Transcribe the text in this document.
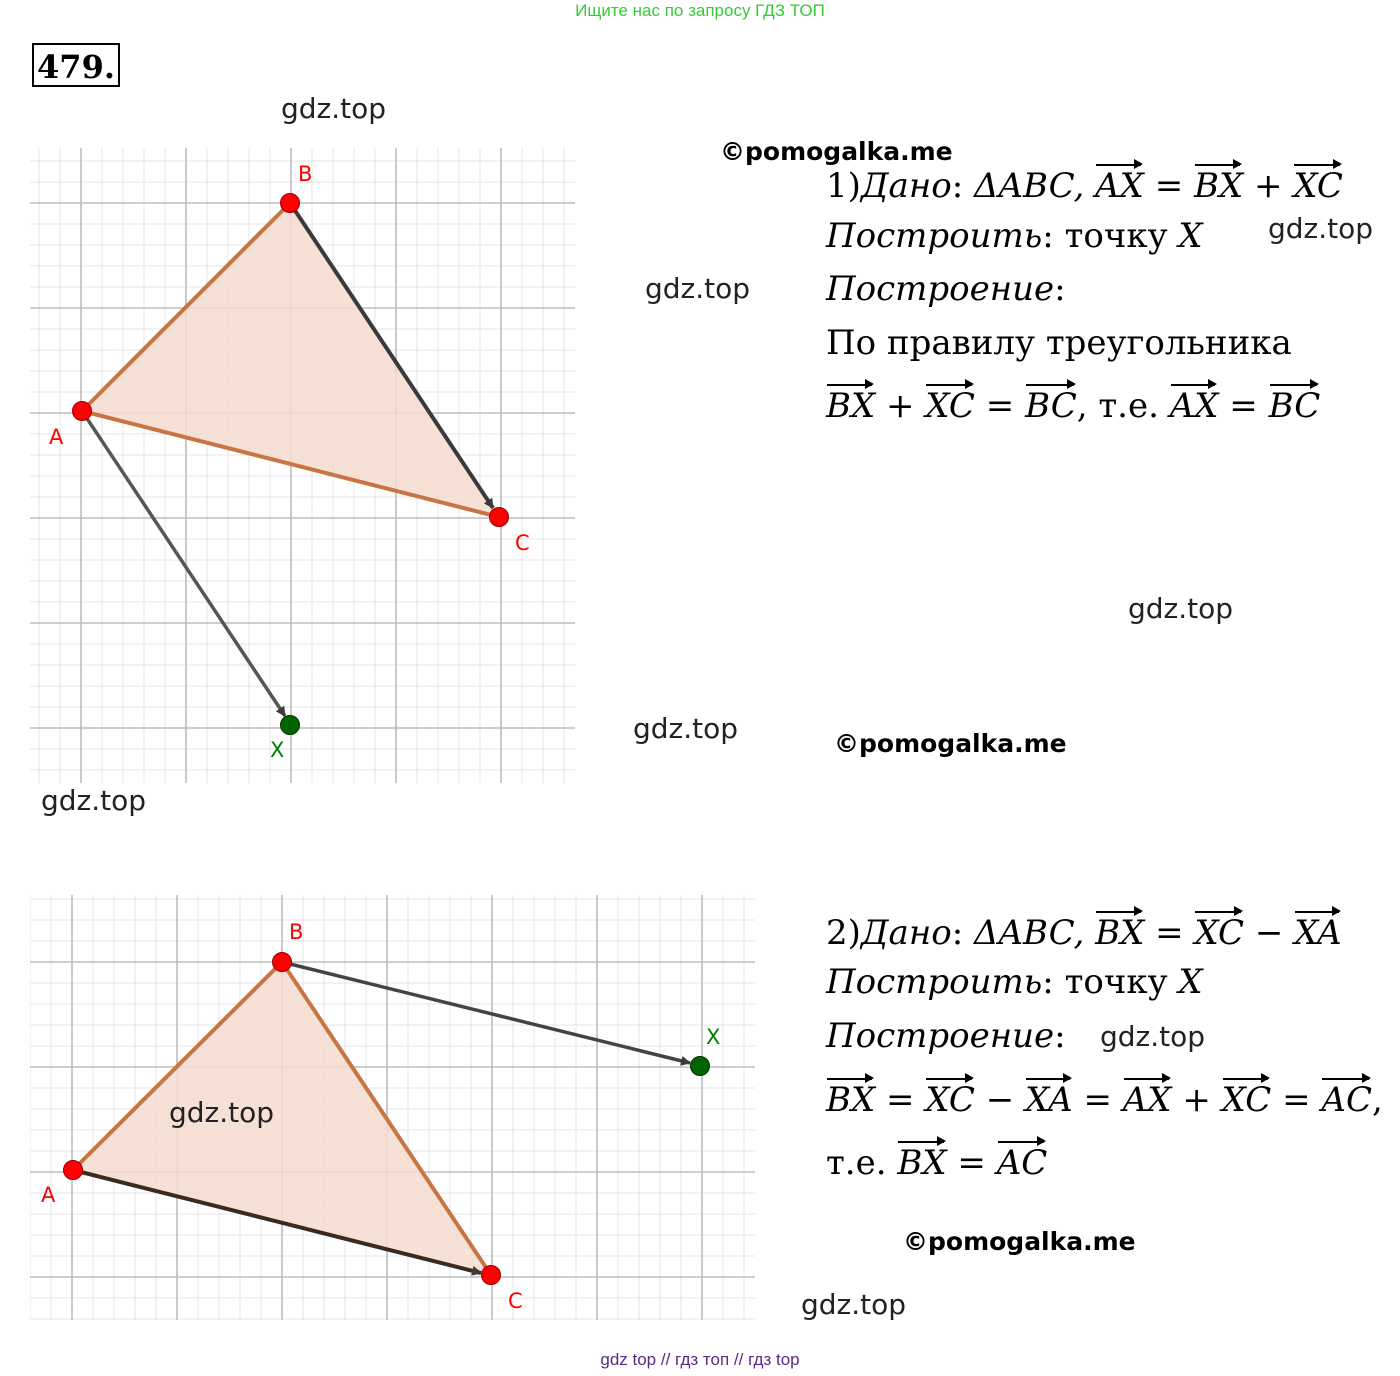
Ищите нас по запросу ГДЗ ТОП
479.
A
B
C
X
A
B
C
X
gdz.top
gdz.top
gdz.top
gdz.top
gdz.top
gdz.top
gdz.top
gdz.top
gdz.top
©pomogalka.me
©pomogalka.me
©pomogalka.me
1)Дано: ΔABC, AX = BX + XC
Построить: точку X
Построение:
По правилу треугольника
BX + XC = BC, т.е. AX = BC
2)Дано: ΔABC, BX = XC − XA
Построить: точку X
Построение:
BX = XC − XA = AX + XC = AC,
т.е. BX = AC
gdz top // гдз топ // гдз top
